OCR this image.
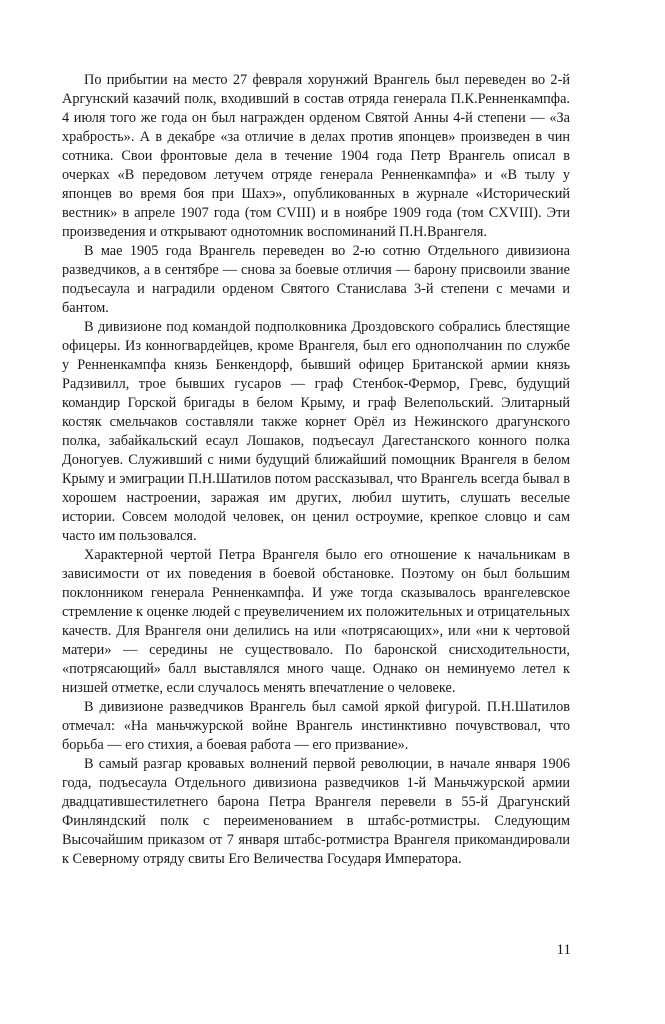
По прибытии на место 27 февраля хорунжий Врангель был переведен во 2-й Аргунский казачий полк, входивший в состав отряда генерала П.К.Ренненкампфа. 4 июля того же года он был награжден орденом Святой Анны 4-й степени — «За храбрость». А в декабре «за отличие в делах против японцев» произведен в чин сотника. Свои фронтовые дела в течение 1904 года Петр Врангель описал в очерках «В передовом летучем отряде генерала Ренненкампфа» и «В тылу у японцев во время боя при Шахэ», опубликованных в журнале «Исторический вестник» в апреле 1907 года (том CVIII) и в ноябре 1909 года (том CXVIII). Эти произведения и открывают однотомник воспоминаний П.Н.Врангеля.

В мае 1905 года Врангель переведен во 2-ю сотню Отдельного дивизиона разведчиков, а в сентябре — снова за боевые отличия — барону присвоили звание подъесаула и наградили орденом Святого Станислава 3-й степени с мечами и бантом.

В дивизионе под командой подполковника Дроздовского собрались блестящие офицеры. Из конногвардейцев, кроме Врангеля, был его однополчанин по службе у Ренненкампфа князь Бенкендорф, бывший офицер Британской армии князь Радзивилл, трое бывших гусаров — граф Стенбок-Фермор, Гревс, будущий командир Горской бригады в белом Крыму, и граф Велепольский. Элитарный костяк смельчаков составляли также корнет Орёл из Нежинского драгунского полка, забайкальский есаул Лошаков, подъесаул Дагестанского конного полка Доногуев. Служивший с ними будущий ближайший помощник Врангеля в белом Крыму и эмиграции П.Н.Шатилов потом рассказывал, что Врангель всегда бывал в хорошем настроении, заражая им других, любил шутить, слушать веселые истории. Совсем молодой человек, он ценил остроумие, крепкое словцо и сам часто им пользовался.

Характерной чертой Петра Врангеля было его отношение к начальникам в зависимости от их поведения в боевой обстановке. Поэтому он был большим поклонником генерала Ренненкампфа. И уже тогда сказывалось врангелевское стремление к оценке людей с преувеличением их положительных и отрицательных качеств. Для Врангеля они делились на или «потрясающих», или «ни к чертовой матери» — середины не существовало. По баронской снисходительности, «потрясающий» балл выставлялся много чаще. Однако он неминуемо летел к низшей отметке, если случалось менять впечатление о человеке.

В дивизионе разведчиков Врангель был самой яркой фигурой. П.Н.Шатилов отмечал: «На маньчжурской войне Врангель инстинктивно почувствовал, что борьба — его стихия, а боевая работа — его призвание».

В самый разгар кровавых волнений первой революции, в начале января 1906 года, подъесаула Отдельного дивизиона разведчиков 1-й Маньчжурской армии двадцатившестилетнего барона Петра Врангеля перевели в 55-й Драгунский Финляндский полк с переименованием в штабс-ротмистры. Следующим Высочайшим приказом от 7 января штабс-ротмистра Врангеля прикомандировали к Северному отряду свиты Его Величества Государя Императора.

11
